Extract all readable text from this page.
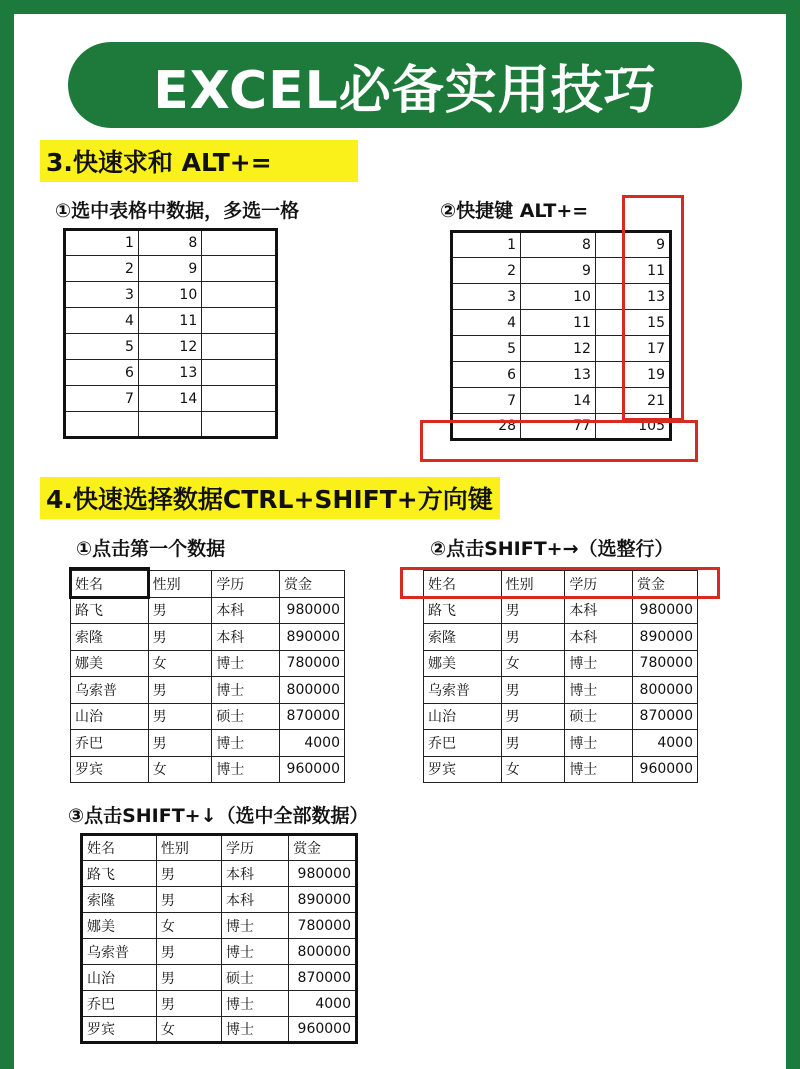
EXCEL必备实用技巧
3.快速求和 ALT+=
①选中表格中数据，多选一格	②快捷键 ALT+=
1	8	
2	9	
3	10	
4	11	
5	12	
6	13	
7	14	

1	8	9
2	9	11
3	10	13
4	11	15
5	12	17
6	13	19
7	14	21
28	77	105
4.快速选择数据CTRL+SHIFT+方向键
①点击第一个数据	②点击SHIFT+→（选整行）
姓名	性别	学历	赏金
路飞	男	本科	980000
索隆	男	本科	890000
娜美	女	博士	780000
乌索普	男	博士	800000
山治	男	硕士	870000
乔巴	男	博士	4000
罗宾	女	博士	960000
姓名	性别	学历	赏金
路飞	男	本科	980000
索隆	男	本科	890000
娜美	女	博士	780000
乌索普	男	博士	800000
山治	男	硕士	870000
乔巴	男	博士	4000
罗宾	女	博士	960000
③点击SHIFT+↓（选中全部数据）
姓名	性别	学历	赏金
路飞	男	本科	980000
索隆	男	本科	890000
娜美	女	博士	780000
乌索普	男	博士	800000
山治	男	硕士	870000
乔巴	男	博士	4000
罗宾	女	博士	960000
